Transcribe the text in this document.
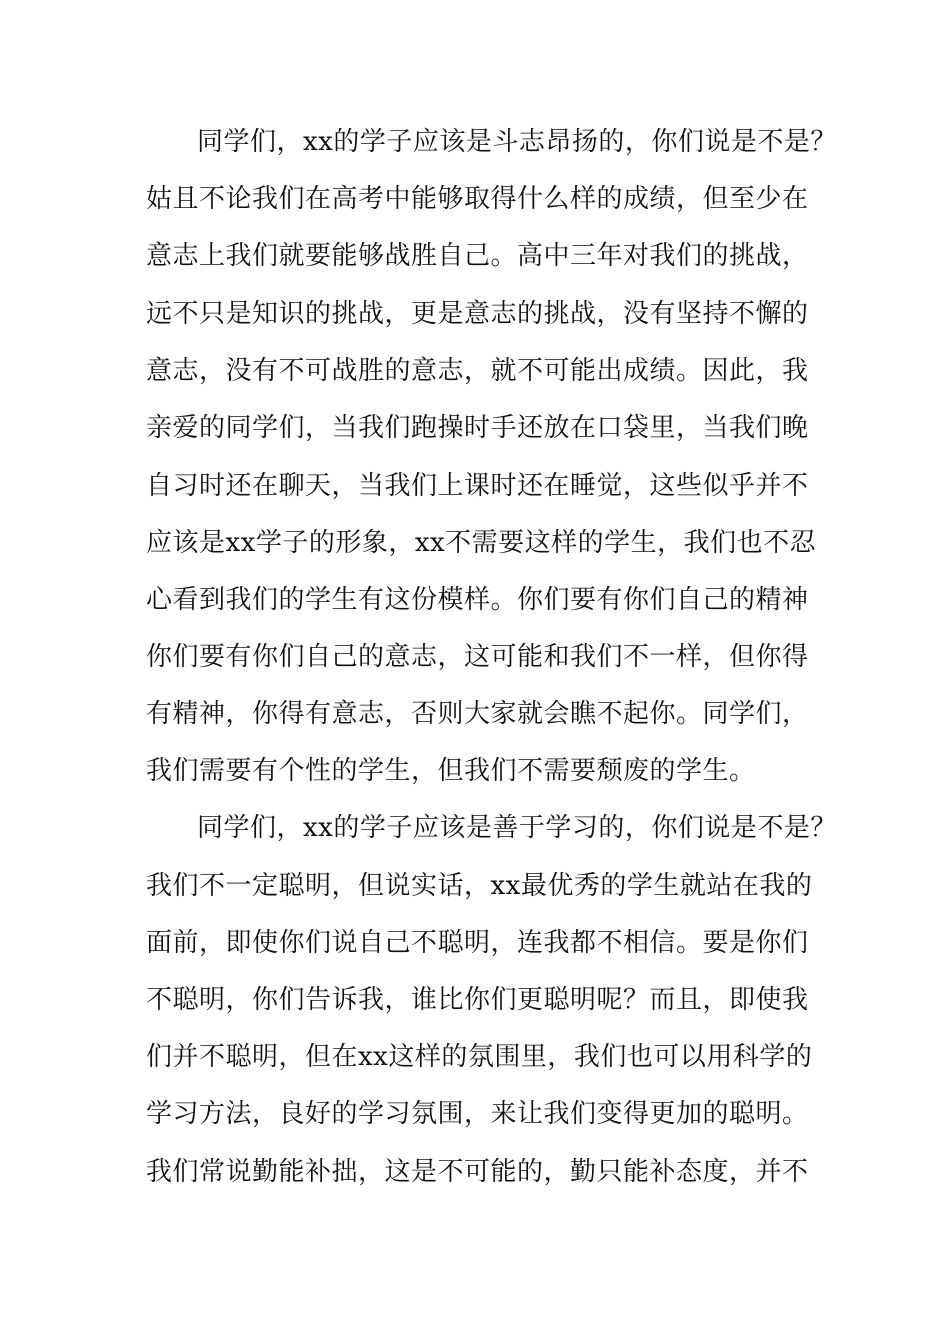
同学们，xx的学子应该是斗志昂扬的，你们说是不是？
姑且不论我们在高考中能够取得什么样的成绩，但至少在
意志上我们就要能够战胜自己。高中三年对我们的挑战，
远不只是知识的挑战，更是意志的挑战，没有坚持不懈的
意志，没有不可战胜的意志，就不可能出成绩。因此，我
亲爱的同学们，当我们跑操时手还放在口袋里，当我们晚
自习时还在聊天，当我们上课时还在睡觉，这些似乎并不
应该是xx学子的形象，xx不需要这样的学生，我们也不忍
心看到我们的学生有这份模样。你们要有你们自己的精神
你们要有你们自己的意志，这可能和我们不一样，但你得
有精神，你得有意志，否则大家就会瞧不起你。同学们，
我们需要有个性的学生，但我们不需要颓废的学生。
同学们，xx的学子应该是善于学习的，你们说是不是？
我们不一定聪明，但说实话，xx最优秀的学生就站在我的
面前，即使你们说自己不聪明，连我都不相信。要是你们
不聪明，你们告诉我，谁比你们更聪明呢？而且，即使我
们并不聪明，但在xx这样的氛围里，我们也可以用科学的
学习方法，良好的学习氛围，来让我们变得更加的聪明。
我们常说勤能补拙，这是不可能的，勤只能补态度，并不
